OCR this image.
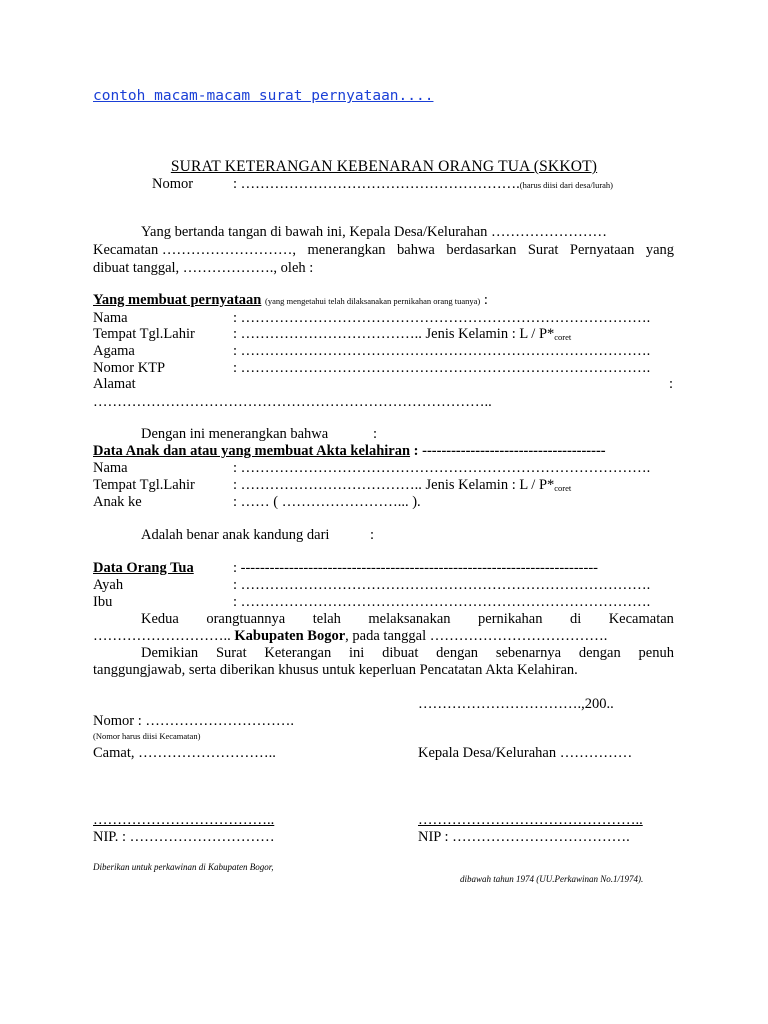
contoh macam-macam surat pernyataan....
SURAT KETERANGAN KEBENARAN ORANG TUA (SKKOT)
Nomor	: ………………………………………………….(harus diisi dari desa/lurah)
Yang bertanda tangan di bawah ini, Kepala Desa/Kelurahan ……………………
Kecamatan ………………………, menerangkan bahwa berdasarkan Surat Pernyataan yang
dibuat tanggal, ………………., oleh :
Yang membuat pernyataan (yang mengetahui telah dilaksanakan pernikahan orang tuanya) :
Nama	: ………………………………………………………………………….
Tempat Tgl.Lahir	: ……………………………….. Jenis Kelamin : L / $P*_{coret}$
Agama	: ………………………………………………………………………….
Nomor KTP	: ………………………………………………………………………….
Alamat	:
………………………………………………………………………..
Dengan ini menerangkan bahwa	:
Data Anak dan atau yang membuat Akta kelahiran : --------------------------------------
Nama	: ………………………………………………………………………….
Tempat Tgl.Lahir	: ……………………………….. Jenis Kelamin : L / $P*_{coret}$
Anak ke	: …… ( ……………………... ).
Adalah benar anak kandung dari	:
Data Orang Tua	: --------------------------------------------------------------------------
Ayah	: ………………………………………………………………………….
Ibu	: ………………………………………………………………………….
Kedua orangtuannya telah melaksanakan pernikahan di Kecamatan
……………………….. Kabupaten Bogor, pada tanggal ……………………………….
Demikian Surat Keterangan ini dibuat dengan sebenarnya dengan penuh
tanggungjawab, serta diberikan khusus untuk keperluan Pencatatan Akta Kelahiran.
…………………………….,200..
Nomor : ………………………….
(Nomor harus diisi Kecamatan)
Camat, ………………………..	Kepala Desa/Kelurahan ……………
………………………………..	………………………………………..
NIP. : …………………………	NIP : ……………………………….
Diberikan untuk perkawinan di Kabupaten Bogor,
dibawah tahun 1974 (UU.Perkawinan No.1/1974).
